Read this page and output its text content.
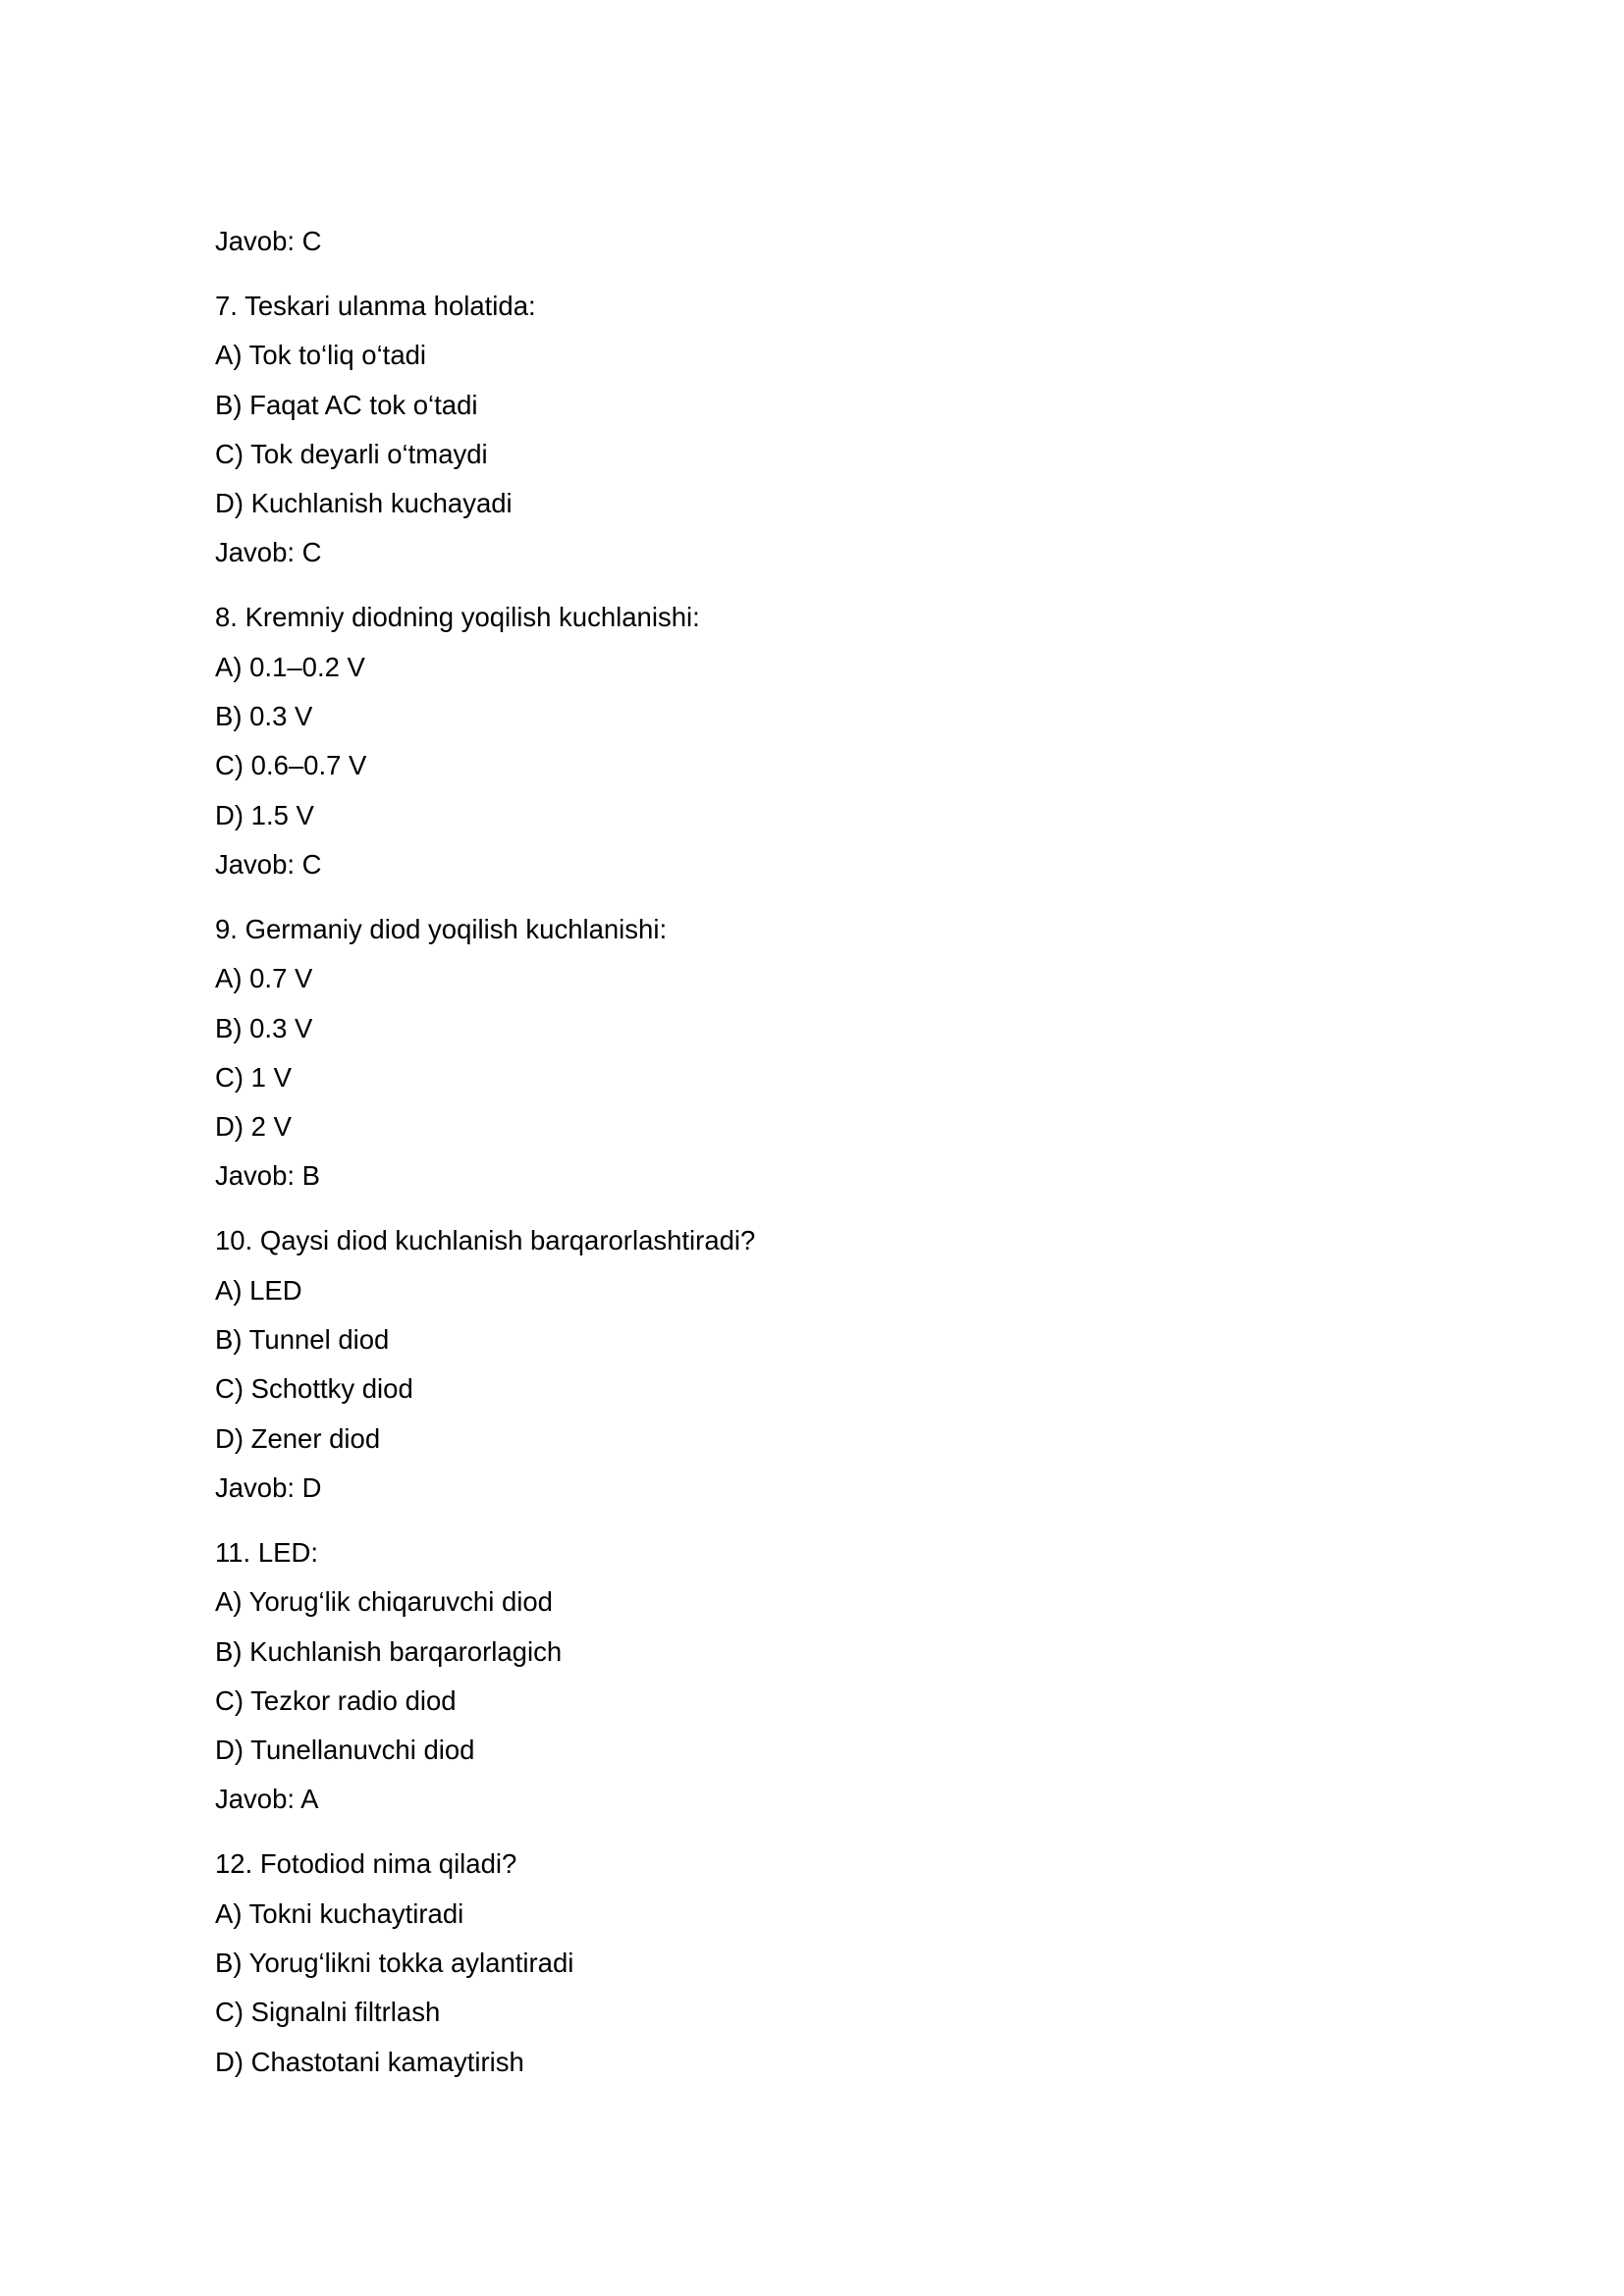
Javob: C
7. Teskari ulanma holatida:
A) Tok to‘liq o‘tadi
B) Faqat AC tok o‘tadi
C) Tok deyarli o‘tmaydi
D) Kuchlanish kuchayadi
Javob: C
8. Kremniy diodning yoqilish kuchlanishi:
A) 0.1–0.2 V
B) 0.3 V
C) 0.6–0.7 V
D) 1.5 V
Javob: C
9. Germaniy diod yoqilish kuchlanishi:
A) 0.7 V
B) 0.3 V
C) 1 V
D) 2 V
Javob: B
10. Qaysi diod kuchlanish barqarorlashtiradi?
A) LED
B) Tunnel diod
C) Schottky diod
D) Zener diod
Javob: D
11. LED:
A) Yorug‘lik chiqaruvchi diod
B) Kuchlanish barqarorlagich
C) Tezkor radio diod
D) Tunellanuvchi diod
Javob: A
12. Fotodiod nima qiladi?
A) Tokni kuchaytiradi
B) Yorug‘likni tokka aylantiradi
C) Signalni filtrlash
D) Chastotani kamaytirish
